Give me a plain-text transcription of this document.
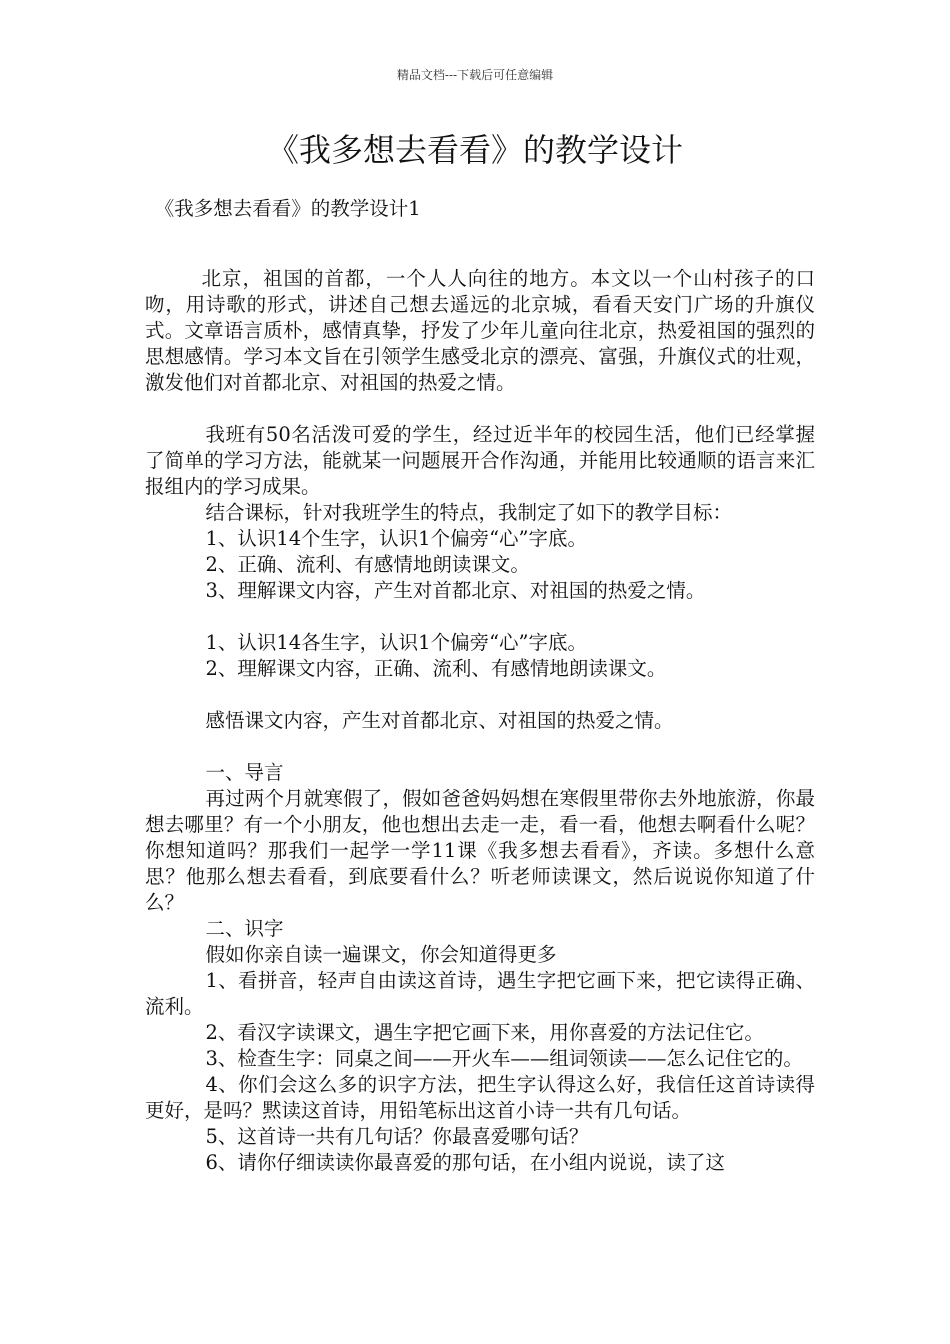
精品文档---下载后可任意编辑
《我多想去看看》的教学设计

《我多想去看看》的教学设计1

北京，祖国的首都，一个人人向往的地方。本文以一个山村孩子的口吻，用诗歌的形式，讲述自己想去遥远的北京城，看看天安门广场的升旗仪式。文章语言质朴，感情真挚，抒发了少年儿童向往北京，热爱祖国的强烈的思想感情。学习本文旨在引领学生感受北京的漂亮、富强，升旗仪式的壮观，激发他们对首都北京、对祖国的热爱之情。

我班有50名活泼可爱的学生，经过近半年的校园生活，他们已经掌握了简单的学习方法，能就某一问题展开合作沟通，并能用比较通顺的语言来汇报组内的学习成果。

结合课标，针对我班学生的特点，我制定了如下的教学目标：

1、认识14个生字，认识1个偏旁“心”字底。

2、正确、流利、有感情地朗读课文。

3、理解课文内容，产生对首都北京、对祖国的热爱之情。

1、认识14各生字，认识1个偏旁“心”字底。

2、理解课文内容，正确、流利、有感情地朗读课文。

感悟课文内容，产生对首都北京、对祖国的热爱之情。

一、导言

再过两个月就寒假了，假如爸爸妈妈想在寒假里带你去外地旅游，你最想去哪里？有一个小朋友，他也想出去走一走，看一看，他想去啊看什么呢？你想知道吗？那我们一起学一学11课《我多想去看看》，齐读。多想什么意思？他那么想去看看，到底要看什么？听老师读课文，然后说说你知道了什么？

二、识字

假如你亲自读一遍课文，你会知道得更多

1、看拼音，轻声自由读这首诗，遇生字把它画下来，把它读得正确、流利。

2、看汉字读课文，遇生字把它画下来，用你喜爱的方法记住它。

3、检查生字：同桌之间——开火车——组词领读——怎么记住它的。

4、你们会这么多的识字方法，把生字认得这么好，我信任这首诗读得更好，是吗？黙读这首诗，用铅笔标出这首小诗一共有几句话。

5、这首诗一共有几句话？你最喜爱哪句话？

6、请你仔细读读你最喜爱的那句话，在小组内说说，读了这
